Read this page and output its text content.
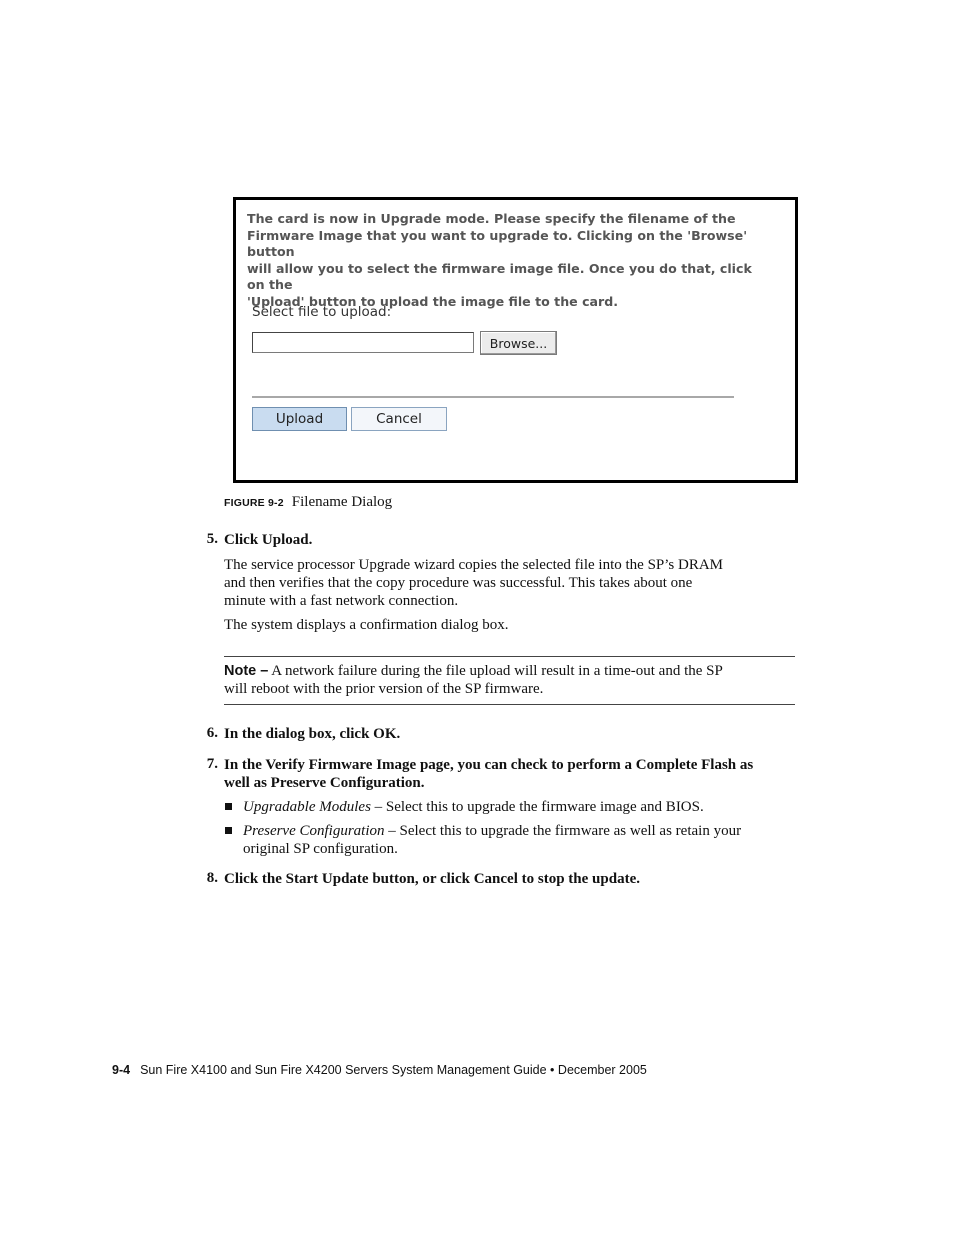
The card is now in Upgrade mode. Please specify the filename of the
Firmware Image that you want to upgrade to. Clicking on the 'Browse' button
will allow you to select the firmware image file. Once you do that, click on the
'Upload' button to upload the image file to the card.
Select file to upload:
Browse...
Upload	Cancel
FIGURE 9-2 Filename Dialog
5. Click Upload.
The service processor Upgrade wizard copies the selected file into the SP’s DRAM
and then verifies that the copy procedure was successful. This takes about one
minute with a fast network connection.
The system displays a confirmation dialog box.
Note – A network failure during the file upload will result in a time-out and the SP
will reboot with the prior version of the SP firmware.
6. In the dialog box, click OK.
7. In the Verify Firmware Image page, you can check to perform a Complete Flash as
well as Preserve Configuration.
Upgradable Modules – Select this to upgrade the firmware image and BIOS.
Preserve Configuration – Select this to upgrade the firmware as well as retain your
original SP configuration.
8. Click the Start Update button, or click Cancel to stop the update.
9-4 Sun Fire X4100 and Sun Fire X4200 Servers System Management Guide • December 2005
